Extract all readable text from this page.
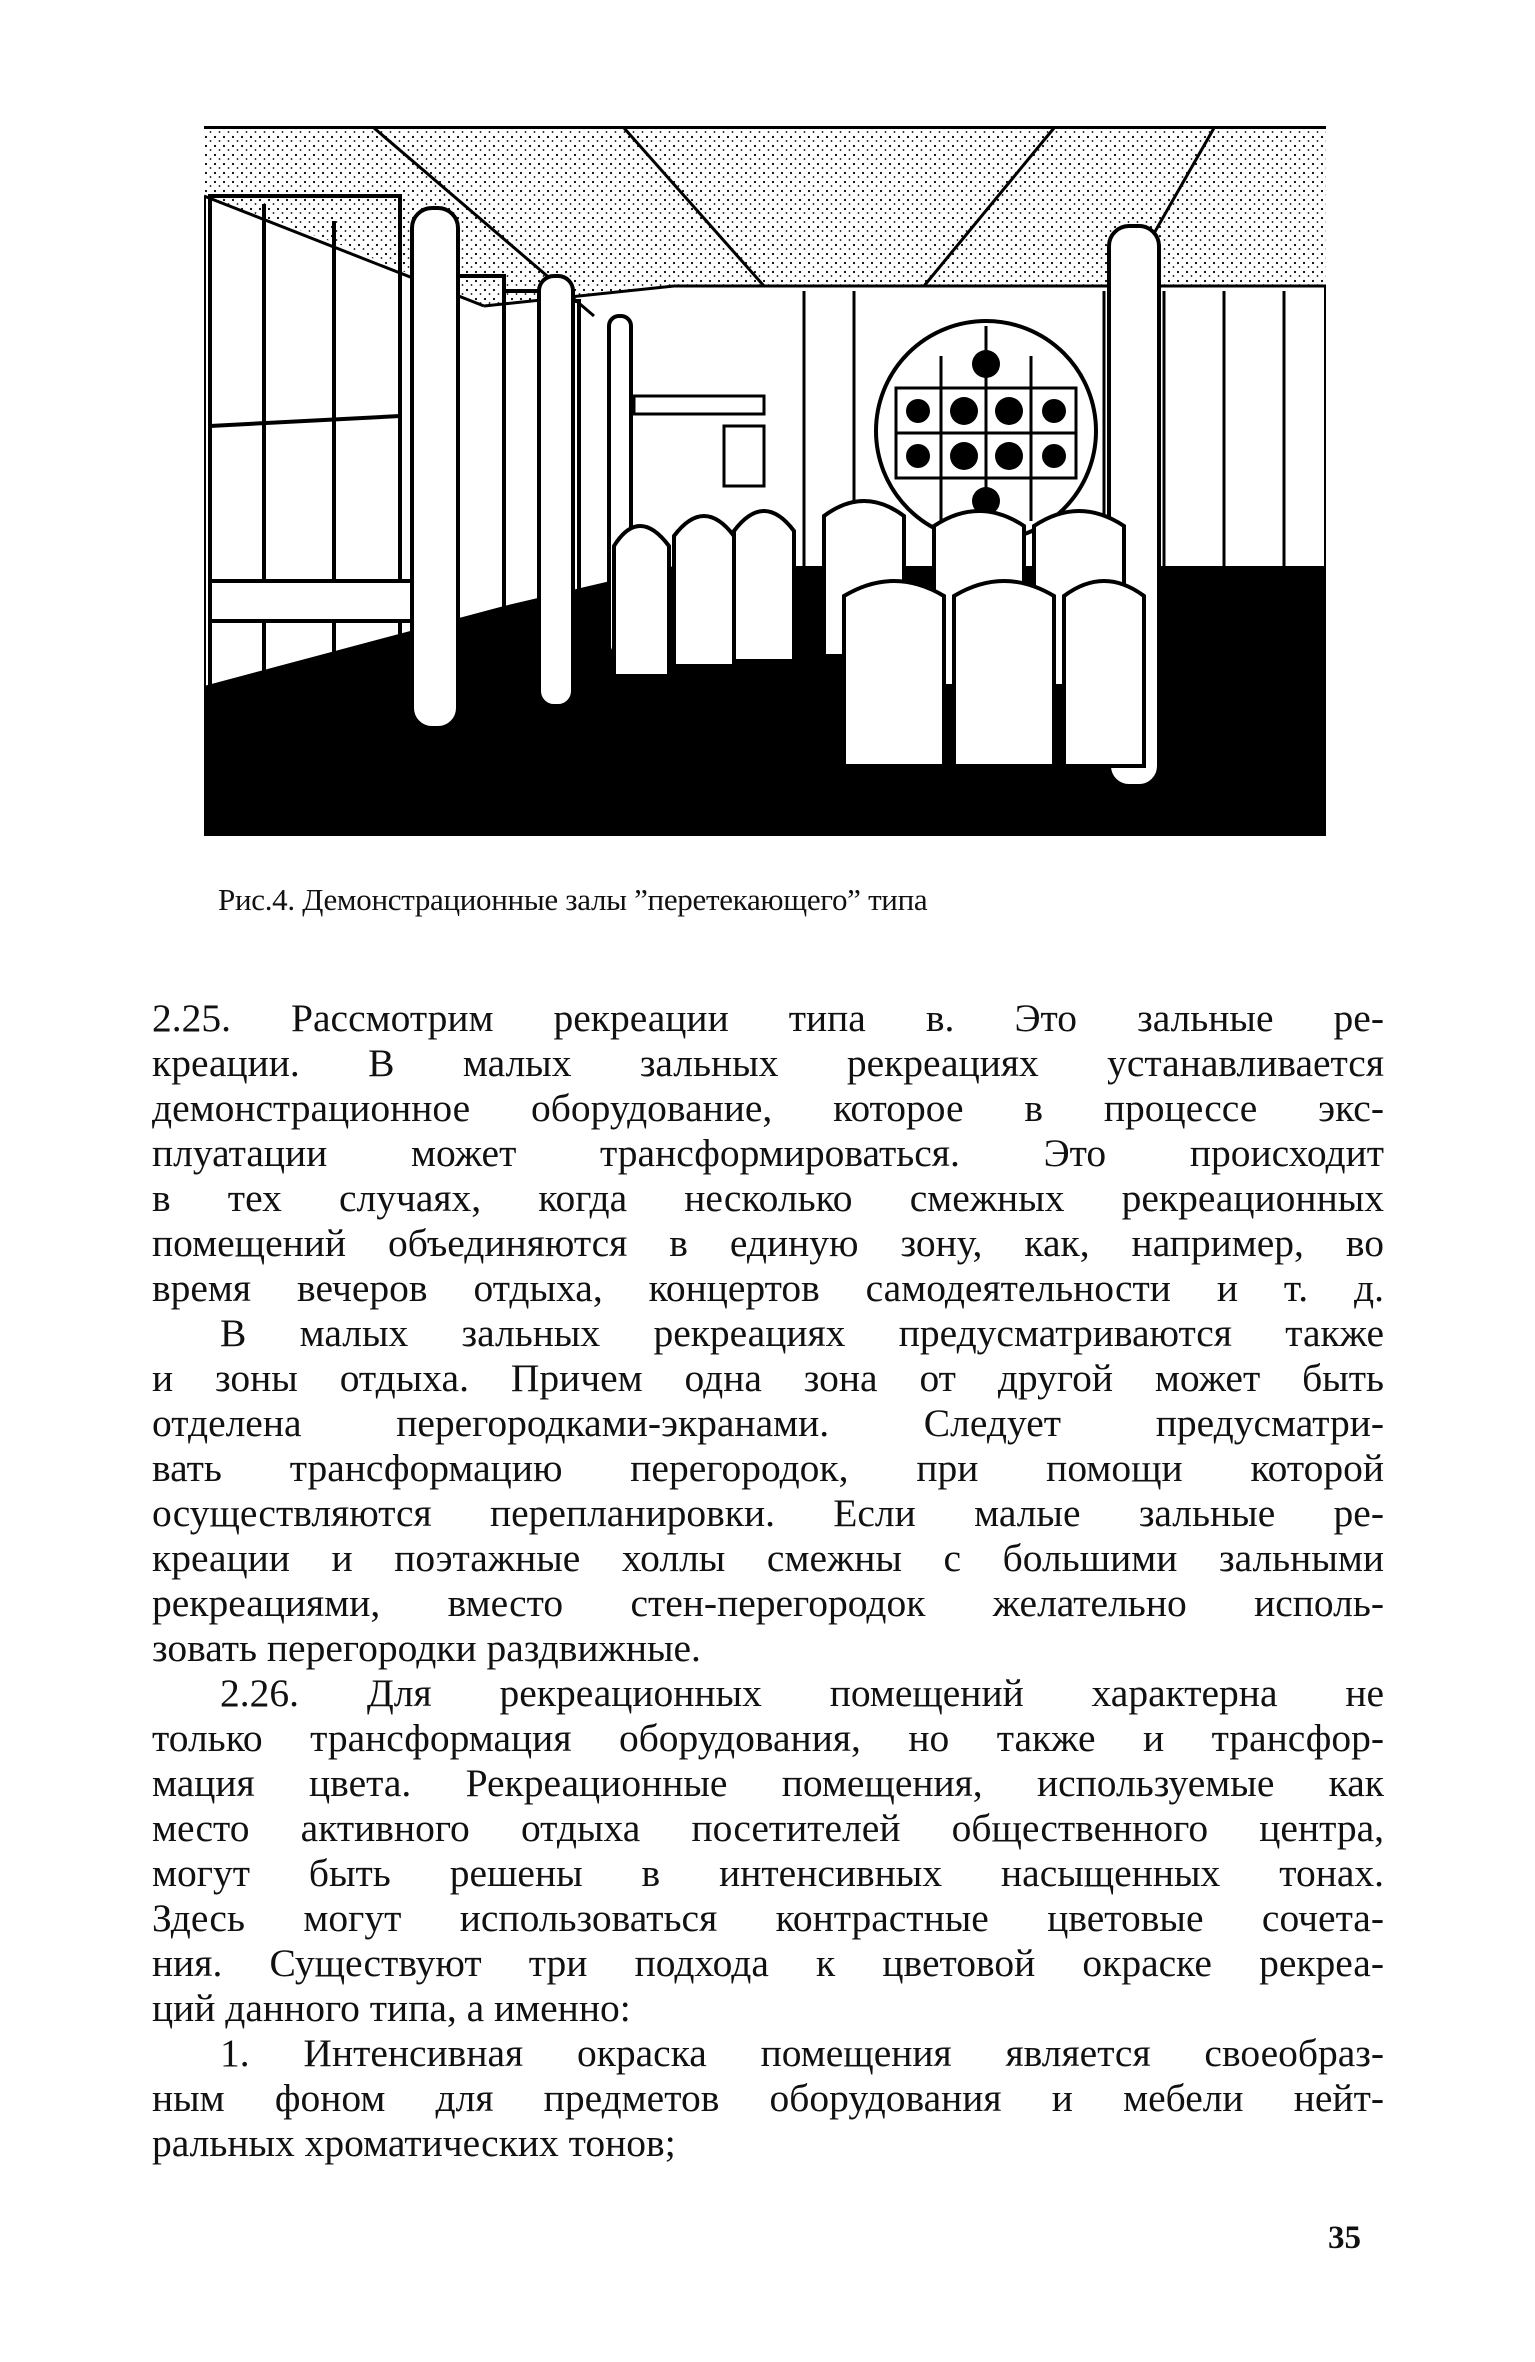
Рис.4. Демонстрационные залы ”перетекающего” типа
2.25. Рассмотрим рекреации типа в. Это зальные ре-
креации. В малых зальных рекреациях устанавливается
демонстрационное оборудование, которое в процессе экс-
плуатации может трансформироваться. Это происходит
в тех случаях, когда несколько смежных рекреационных
помещений объединяются в единую зону, как, например, во
время вечеров отдыха, концертов самодеятельности и т. д.
В малых зальных рекреациях предусматриваются также
и зоны отдыха. Причем одна зона от другой может быть
отделена перегородками-экранами. Следует предусматри-
вать трансформацию перегородок, при помощи которой
осуществляются перепланировки. Если малые зальные ре-
креации и поэтажные холлы смежны с большими зальными
рекреациями, вместо стен-перегородок желательно исполь-
зовать перегородки раздвижные.
2.26. Для рекреационных помещений характерна не
только трансформация оборудования, но также и трансфор-
мация цвета. Рекреационные помещения, используемые как
место активного отдыха посетителей общественного центра,
могут быть решены в интенсивных насыщенных тонах.
Здесь могут использоваться контрастные цветовые сочета-
ния. Существуют три подхода к цветовой окраске рекреа-
ций данного типа, а именно:
1. Интенсивная окраска помещения является своеобраз-
ным фоном для предметов оборудования и мебели нейт-
ральных хроматических тонов;
35
